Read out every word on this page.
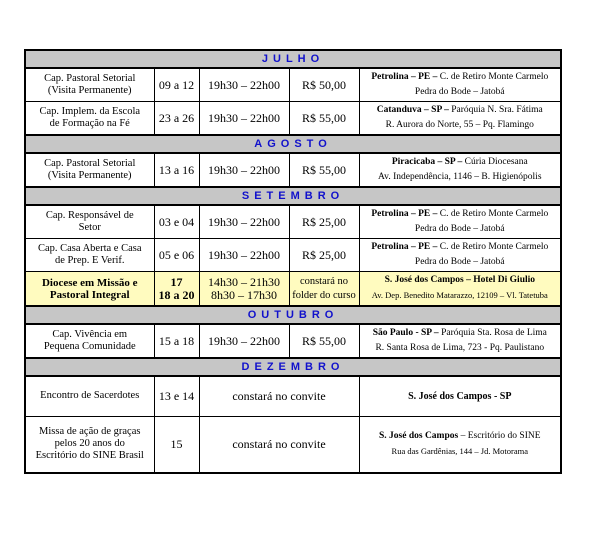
JULHO				
Cap. Pastoral Setorial
(Visita Permanente)	09 a 12	19h30 – 22h00	R$ 50,00	Petrolina – PE – C. de Retiro Monte Carmelo
Pedra do Bode – Jatobá
Cap. Implem. da Escola
de Formação na Fé	23 a 26	19h30 – 22h00	R$ 55,00	Catanduva – SP – Paróquia N. Sra. Fátima
R. Aurora do Norte, 55 – Pq. Flamingo
AGOSTO				
Cap. Pastoral Setorial
(Visita Permanente)	13 a 16	19h30 – 22h00	R$ 55,00	Piracicaba – SP – Cúria Diocesana
Av. Independência, 1146 – B. Higienópolis
SETEMBRO				
Cap. Responsável de
Setor	03 e 04	19h30 – 22h00	R$ 25,00	Petrolina – PE – C. de Retiro Monte Carmelo
Pedra do Bode – Jatobá
Cap. Casa Aberta e Casa
de Prep. E Verif.	05 e 06	19h30 – 22h00	R$ 25,00	Petrolina – PE – C. de Retiro Monte Carmelo
Pedra do Bode – Jatobá
Diocese em Missão e
Pastoral Integral	17
18 a 20	14h30 – 21h30
8h30 – 17h30	constará no
folder do curso	S. José dos Campos – Hotel Di Giulio
Av. Dep. Benedito Matarazzo, 12109 – Vl. Tatetuba
OUTUBRO				
Cap. Vivência em
Pequena Comunidade	15 a 18	19h30 – 22h00	R$ 55,00	São Paulo - SP – Paróquia Sta. Rosa de Lima
R. Santa Rosa de Lima, 723 - Pq. Paulistano
DEZEMBRO				
Encontro de Sacerdotes	13 e 14	constará no convite		S. José dos Campos - SP
Missa de ação de graças
pelos 20 anos do
Escritório do SINE Brasil	15	constará no convite		S. José dos Campos – Escritório do SINE
Rua das Gardênias, 144 – Jd. Motorama
